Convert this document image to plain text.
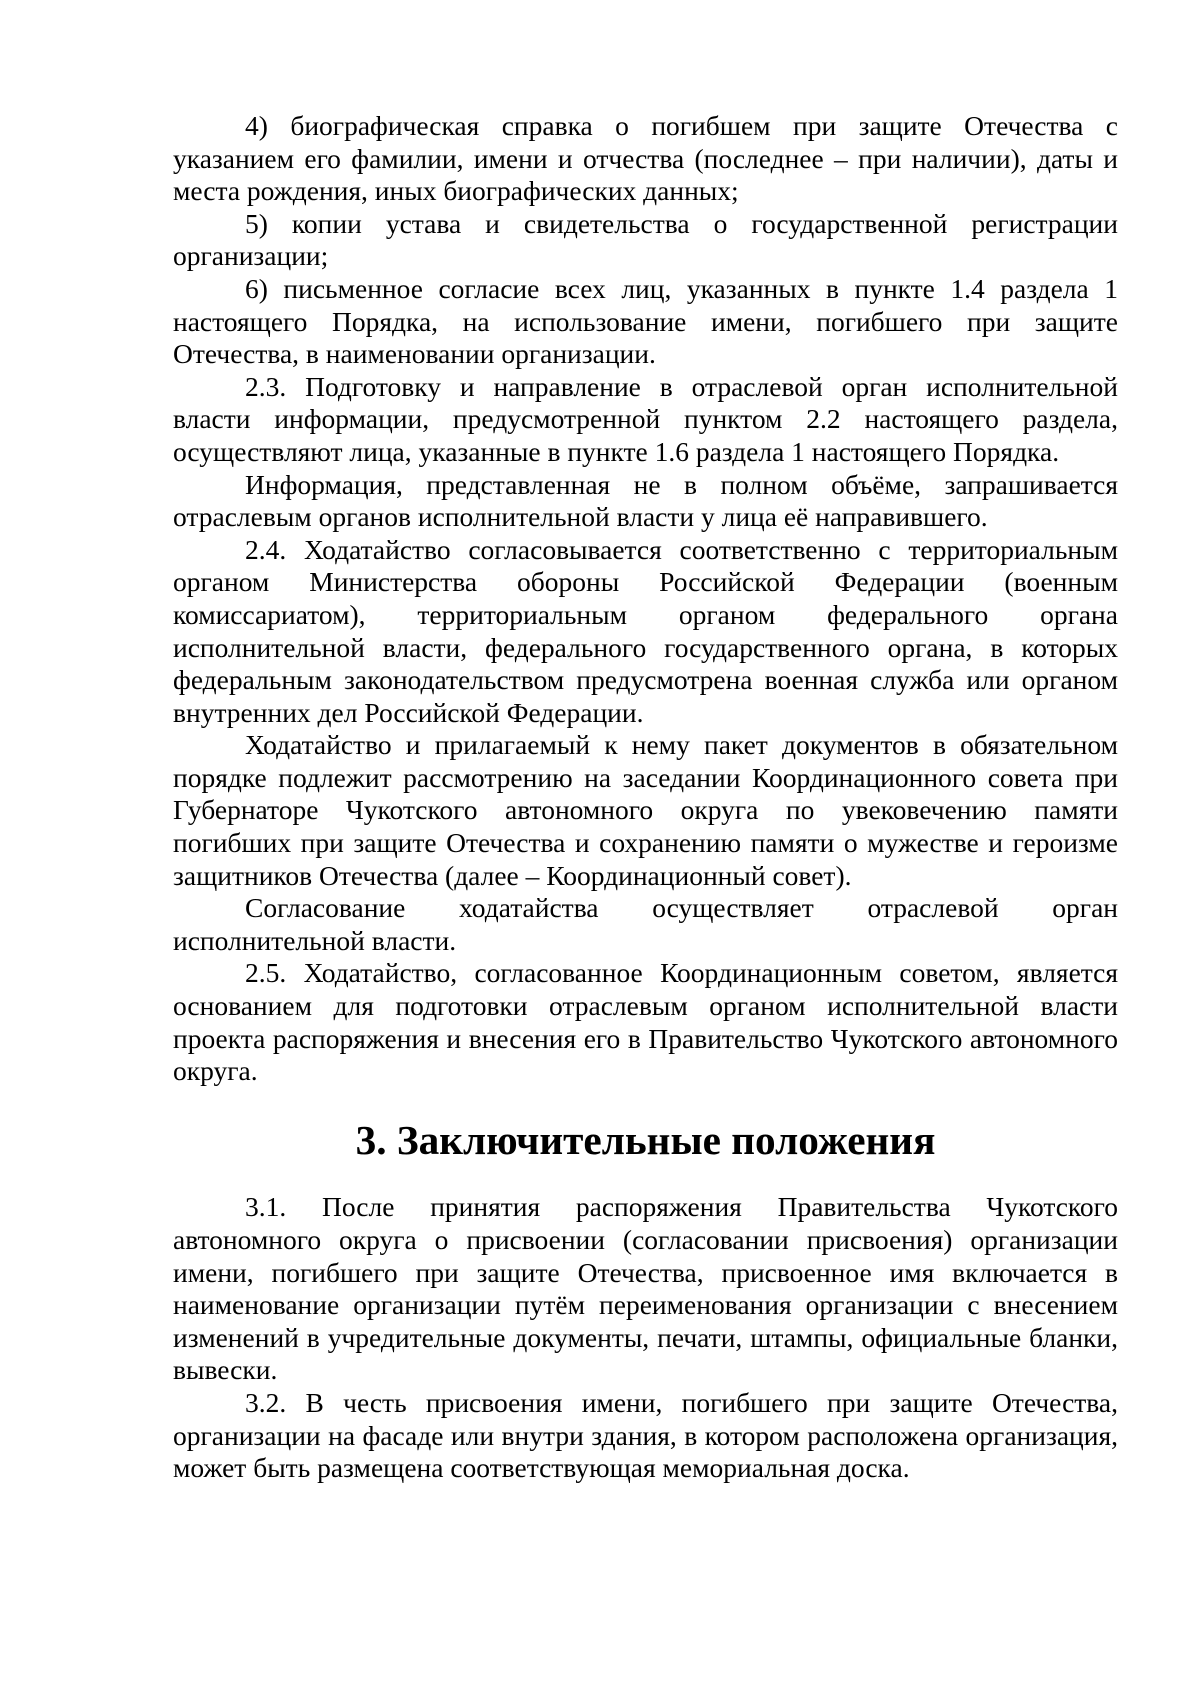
4) биографическая справка о погибшем при защите Отечества с указанием его фамилии, имени и отчества (последнее – при наличии), даты и места рождения, иных биографических данных;

5) копии устава и свидетельства о государственной регистрации организации;

6) письменное согласие всех лиц, указанных в пункте 1.4 раздела 1 настоящего Порядка, на использование имени, погибшего при защите Отечества, в наименовании организации.

2.3. Подготовку и направление в отраслевой орган исполнительной власти информации, предусмотренной пунктом 2.2 настоящего раздела, осуществляют лица, указанные в пункте 1.6 раздела 1 настоящего Порядка.

Информация, представленная не в полном объёме, запрашивается отраслевым органов исполнительной власти у лица её направившего.

2.4. Ходатайство согласовывается соответственно с территориальным органом Министерства обороны Российской Федерации (военным комиссариатом), территориальным органом федерального органа исполнительной власти, федерального государственного органа, в которых федеральным законодательством предусмотрена военная служба или органом внутренних дел Российской Федерации.

Ходатайство и прилагаемый к нему пакет документов в обязательном порядке подлежит рассмотрению на заседании Координационного совета при Губернаторе Чукотского автономного округа по увековечению памяти погибших при защите Отечества и сохранению памяти о мужестве и героизме защитников Отечества (далее – Координационный совет).

Согласование ходатайства осуществляет отраслевой орган исполнительной власти.

2.5. Ходатайство, согласованное Координационным советом, является основанием для подготовки отраслевым органом исполнительной власти проекта распоряжения и внесения его в Правительство Чукотского автономного округа.

3. Заключительные положения

3.1. После принятия распоряжения Правительства Чукотского автономного округа о присвоении (согласовании присвоения) организации имени, погибшего при защите Отечества, присвоенное имя включается в наименование организации путём переименования организации с внесением изменений в учредительные документы, печати, штампы, официальные бланки, вывески.

3.2. В честь присвоения имени, погибшего при защите Отечества, организации на фасаде или внутри здания, в котором расположена организация, может быть размещена соответствующая мемориальная доска.
